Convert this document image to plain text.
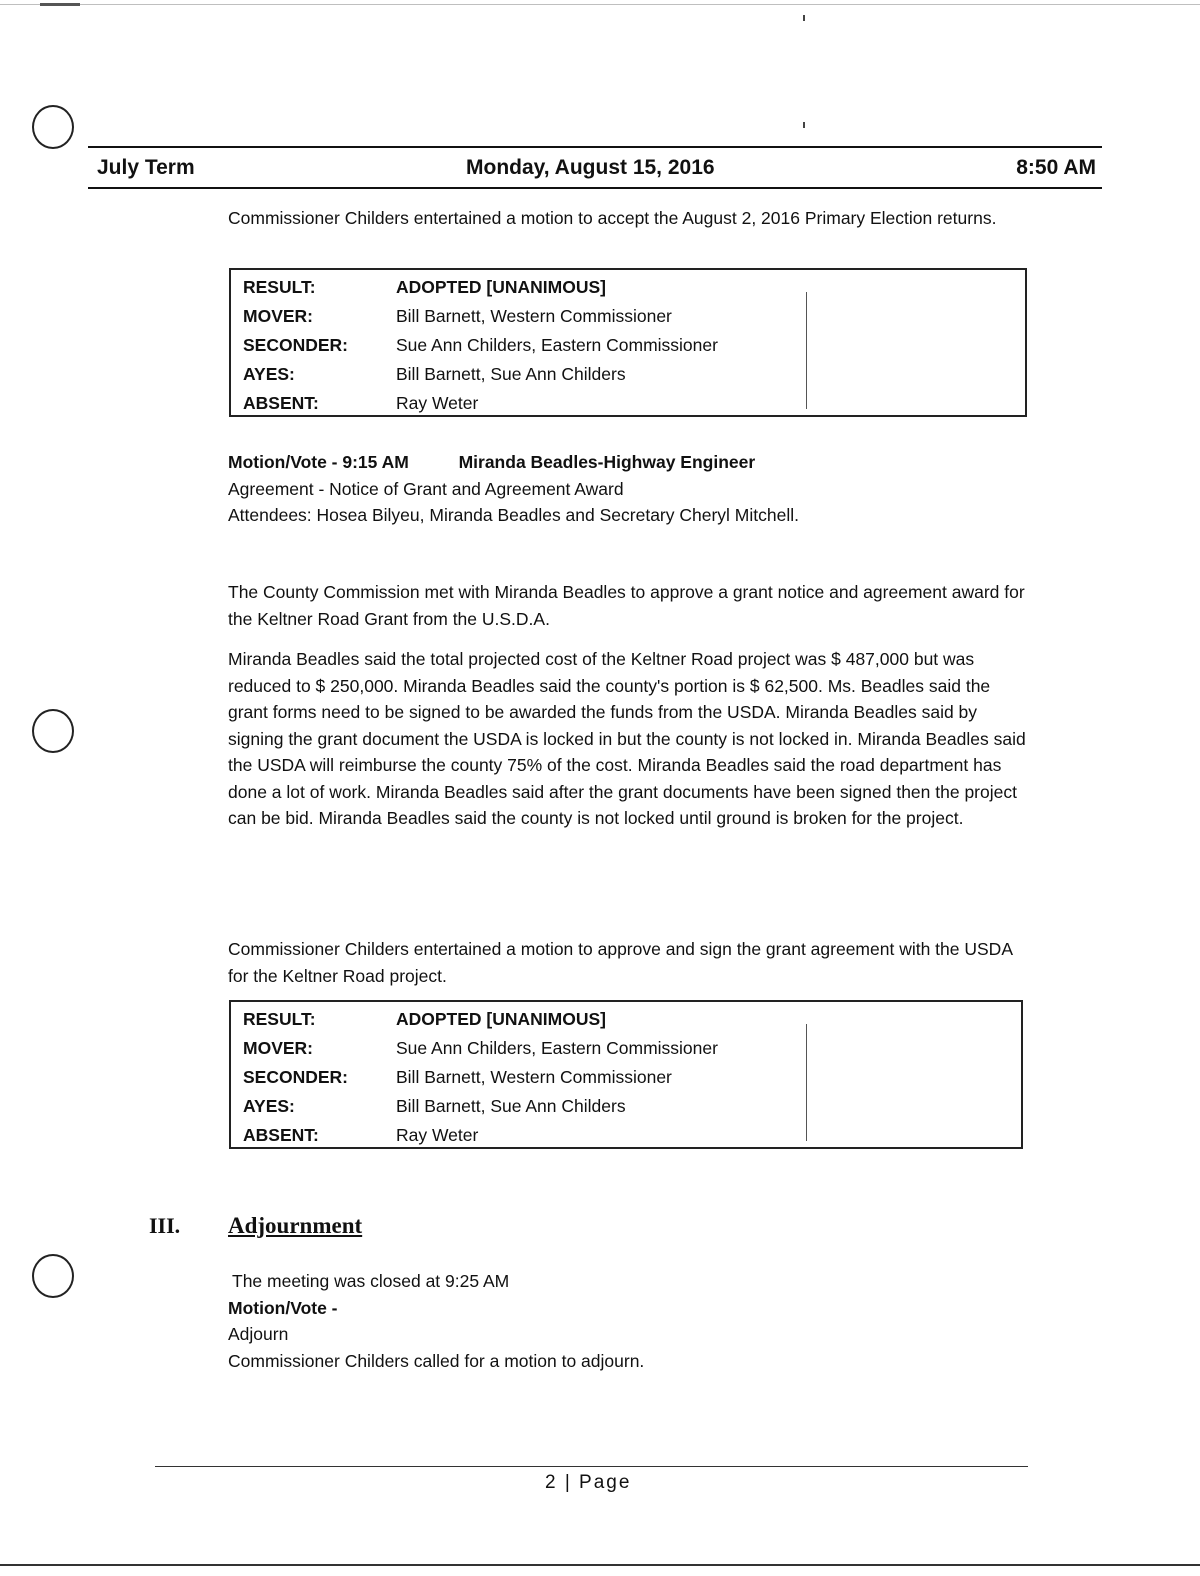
July Term	Monday, August 15, 2016	8:50 AM
Commissioner Childers entertained a motion to accept the August 2, 2016 Primary Election returns.
RESULT:	ADOPTED [UNANIMOUS]
MOVER:	Bill Barnett, Western Commissioner
SECONDER:	Sue Ann Childers, Eastern Commissioner
AYES:	Bill Barnett, Sue Ann Childers
ABSENT:	Ray Weter

Motion/Vote - 9:15 AM	Miranda Beadles-Highway Engineer

Agreement - Notice of Grant and Agreement Award

Attendees: Hosea Bilyeu, Miranda Beadles and Secretary Cheryl Mitchell.

The County Commission met with Miranda Beadles to approve a grant notice and agreement award for the Keltner Road Grant from the U.S.D.A.
Miranda Beadles said the total projected cost of the Keltner Road project was $ 487,000 but was reduced to $ 250,000. Miranda Beadles said the county's portion is $ 62,500. Ms. Beadles said the grant forms need to be signed to be awarded the funds from the USDA. Miranda Beadles said by signing the grant document the USDA is locked in but the county is not locked in. Miranda Beadles said the USDA will reimburse the county 75% of the cost. Miranda Beadles said the road department has done a lot of work. Miranda Beadles said after the grant documents have been signed then the project can be bid. Miranda Beadles said the county is not locked until ground is broken for the project.
Commissioner Childers entertained a motion to approve and sign the grant agreement with the USDA for the Keltner Road project.
RESULT:	ADOPTED [UNANIMOUS]
MOVER:	Sue Ann Childers, Eastern Commissioner
SECONDER:	Bill Barnett, Western Commissioner
AYES:	Bill Barnett, Sue Ann Childers
ABSENT:	Ray Weter
III. Adjournment

The meeting was closed at 9:25 AM

Motion/Vote -

Adjourn

Commissioner Childers called for a motion to adjourn.

2 | Page
